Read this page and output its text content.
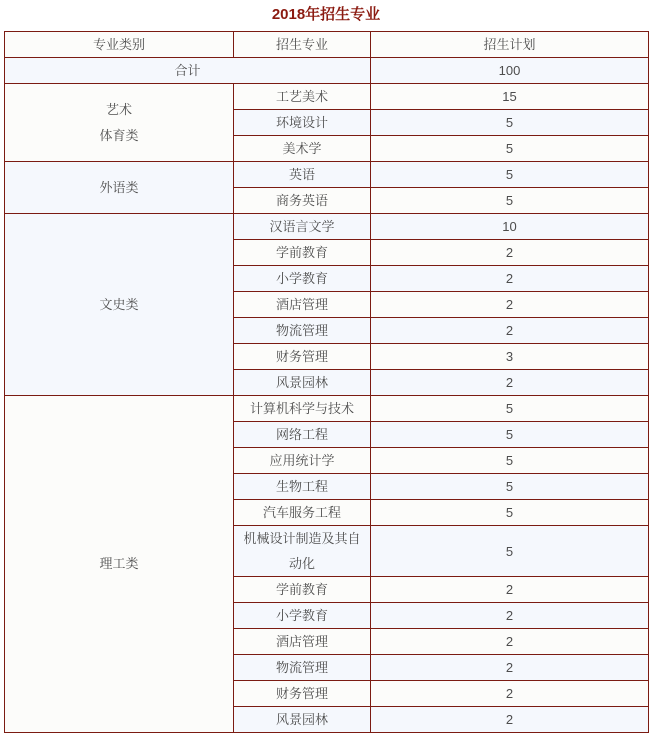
2018年招生专业
专业类别	招生专业	招生计划
合计		100

艺术
体育类	工艺美术	15
	环境设计	5
	美术学	5

外语类	英语	5
	商务英语	5

文史类	汉语言文学	10
	学前教育	2
	小学教育	2
	酒店管理	2
	物流管理	2
	财务管理	3
	风景园林	2

理工类	计算机科学与技术	5
	网络工程	5
	应用统计学	5
	生物工程	5
	汽车服务工程	5
	机械设计制造及其自动化	5
	学前教育	2
	小学教育	2
	酒店管理	2
	物流管理	2
	财务管理	2
	风景园林	2
